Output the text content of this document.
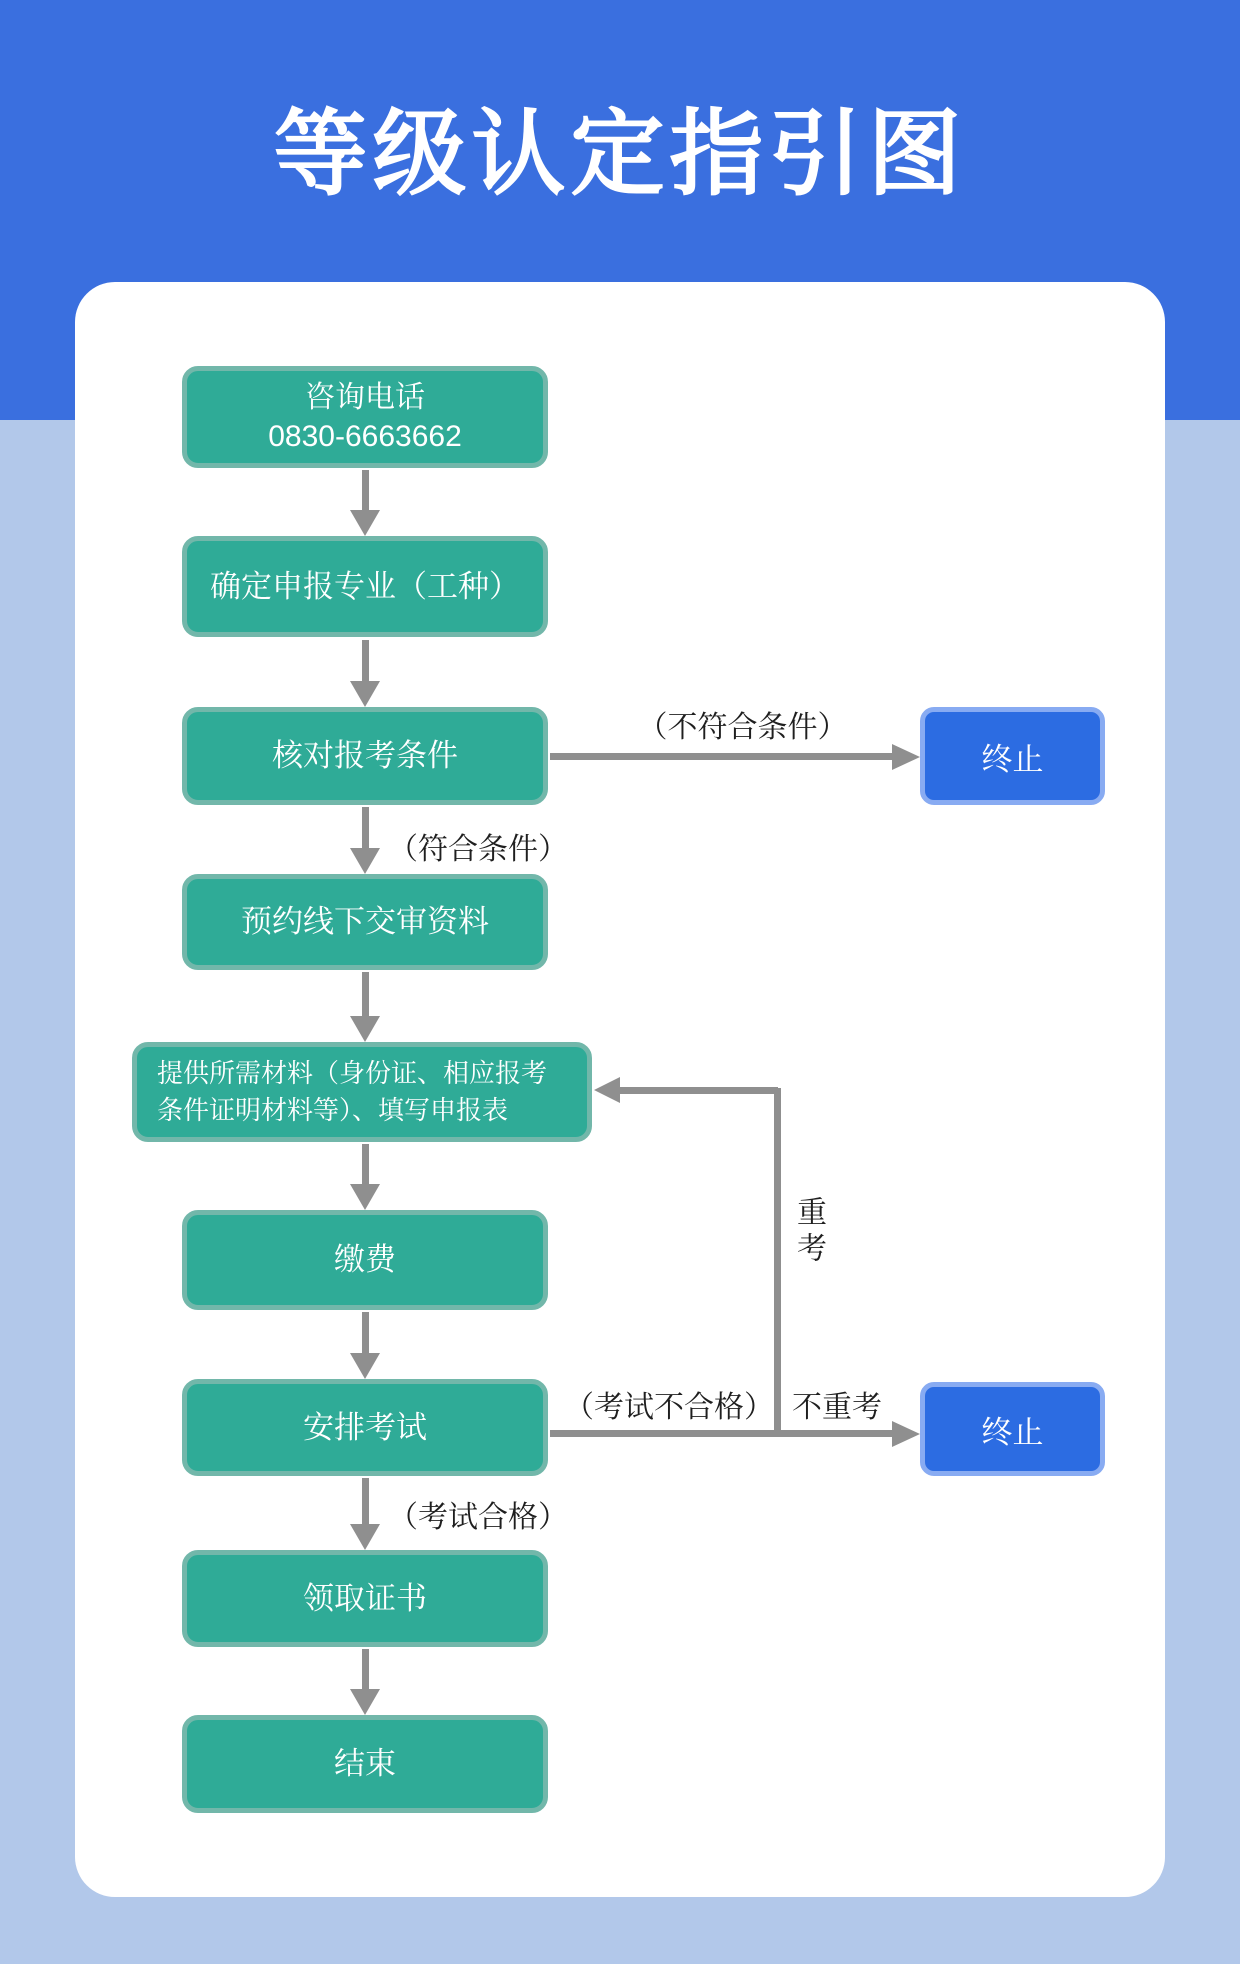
等级认定指引图
咨询电话
0830-6663662
确定申报专业（工种）
核对报考条件	终止
预约线下交审资料
提供所需材料（身份证、相应报考条件证明材料等）、填写申报表
缴费
安排考试	终止
领取证书
结束
（不符合条件）
（符合条件）
重考
（考试不合格） 不重考
（考试合格）
